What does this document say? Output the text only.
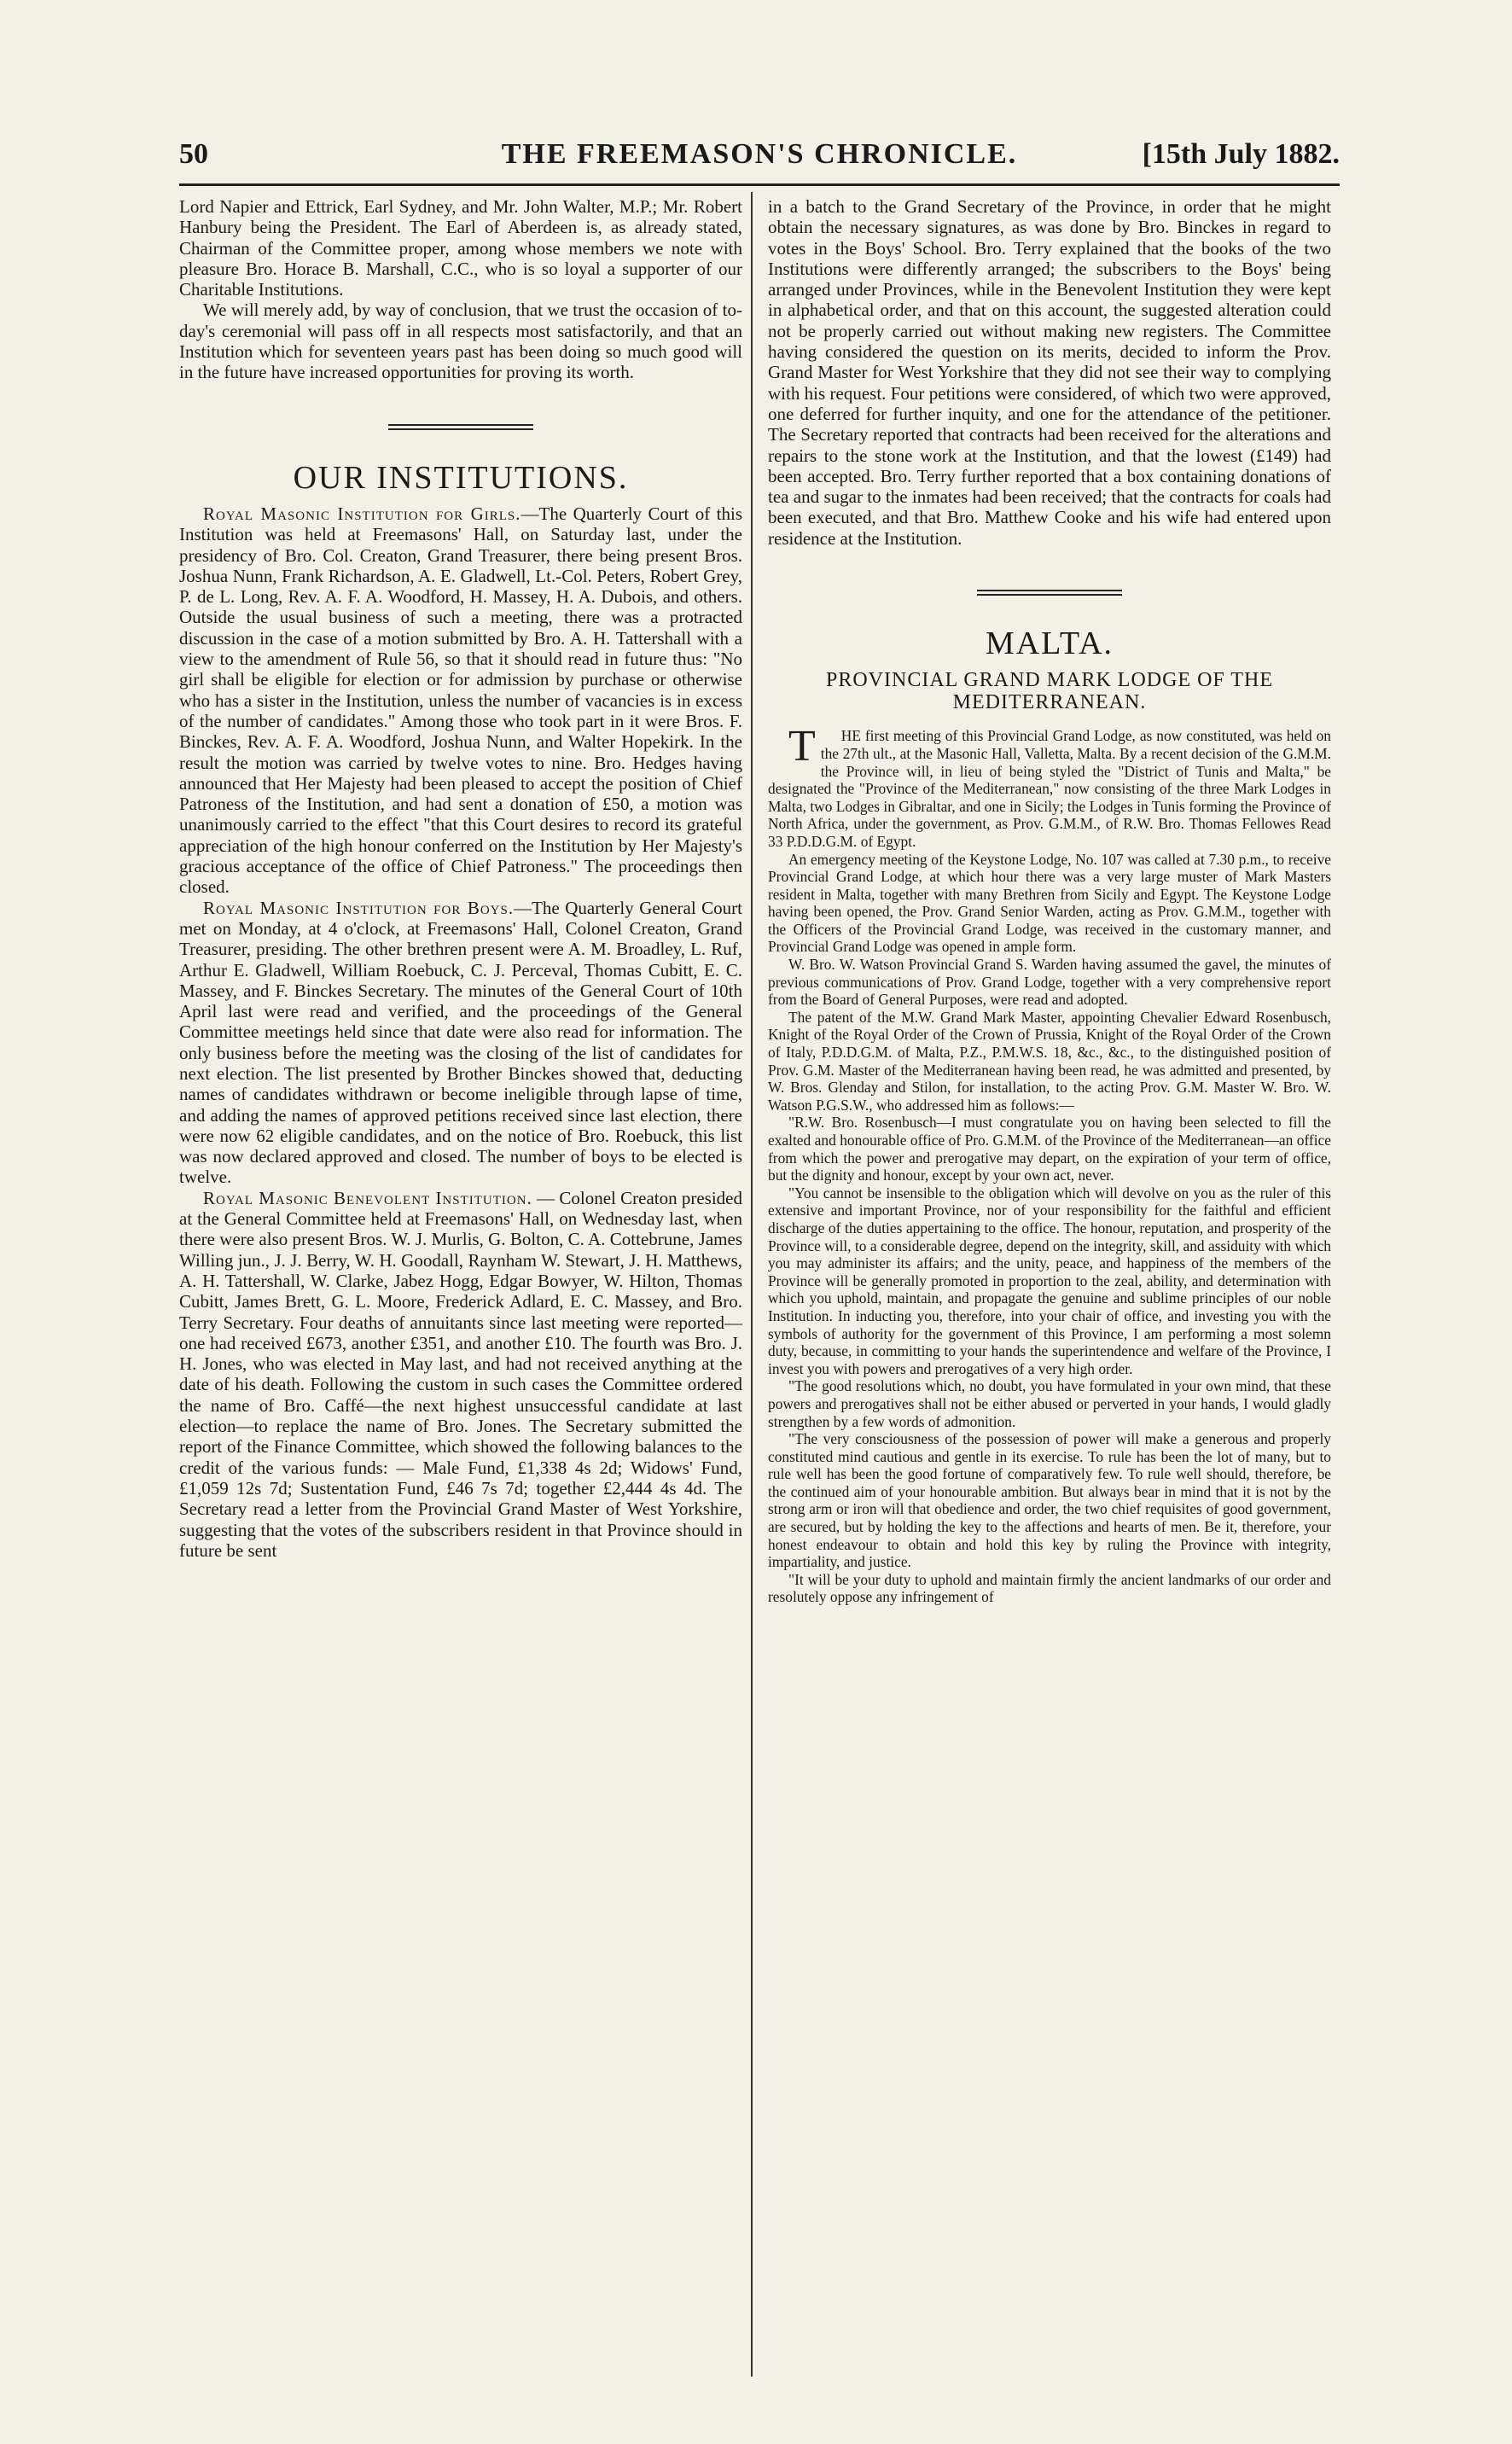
50	THE FREEMASON'S CHRONICLE.	[15th July 1882.

Lord Napier and Ettrick, Earl Sydney, and Mr. John Walter, M.P.; Mr. Robert Hanbury being the President. The Earl of Aberdeen is, as already stated, Chairman of the Committee proper, among whose members we note with pleasure Bro. Horace B. Marshall, C.C., who is so loyal a supporter of our Charitable Institutions.

We will merely add, by way of conclusion, that we trust the occasion of to-day's ceremonial will pass off in all respects most satisfactorily, and that an Institution which for seventeen years past has been doing so much good will in the future have increased opportunities for proving its worth.

OUR INSTITUTIONS.

Royal Masonic Institution for Girls.—The Quarterly Court of this Institution was held at Freemasons' Hall, on Saturday last, under the presidency of Bro. Col. Creaton, Grand Treasurer, there being present Bros. Joshua Nunn, Frank Richardson, A. E. Gladwell, Lt.-Col. Peters, Robert Grey, P. de L. Long, Rev. A. F. A. Woodford, H. Massey, H. A. Dubois, and others. Outside the usual business of such a meeting, there was a protracted discussion in the case of a motion submitted by Bro. A. H. Tattershall with a view to the amendment of Rule 56, so that it should read in future thus: "No girl shall be eligible for election or for admission by purchase or otherwise who has a sister in the Institution, unless the number of vacancies is in excess of the number of candidates." Among those who took part in it were Bros. F. Binckes, Rev. A. F. A. Woodford, Joshua Nunn, and Walter Hopekirk. In the result the motion was carried by twelve votes to nine. Bro. Hedges having announced that Her Majesty had been pleased to accept the position of Chief Patroness of the Institution, and had sent a donation of £50, a motion was unanimously carried to the effect "that this Court desires to record its grateful appreciation of the high honour conferred on the Institution by Her Majesty's gracious acceptance of the office of Chief Patroness." The proceedings then closed.

Royal Masonic Institution for Boys.—The Quarterly General Court met on Monday, at 4 o'clock, at Freemasons' Hall, Colonel Creaton, Grand Treasurer, presiding. The other brethren present were A. M. Broadley, L. Ruf, Arthur E. Gladwell, William Roebuck, C. J. Perceval, Thomas Cubitt, E. C. Massey, and F. Binckes Secretary. The minutes of the General Court of 10th April last were read and verified, and the proceedings of the General Committee meetings held since that date were also read for information. The only business before the meeting was the closing of the list of candidates for next election. The list presented by Brother Binckes showed that, deducting names of candidates withdrawn or become ineligible through lapse of time, and adding the names of approved petitions received since last election, there were now 62 eligible candidates, and on the notice of Bro. Roebuck, this list was now declared approved and closed. The number of boys to be elected is twelve.

Royal Masonic Benevolent Institution. — Colonel Creaton presided at the General Committee held at Freemasons' Hall, on Wednesday last, when there were also present Bros. W. J. Murlis, G. Bolton, C. A. Cottebrune, James Willing jun., J. J. Berry, W. H. Goodall, Raynham W. Stewart, J. H. Matthews, A. H. Tattershall, W. Clarke, Jabez Hogg, Edgar Bowyer, W. Hilton, Thomas Cubitt, James Brett, G. L. Moore, Frederick Adlard, E. C. Massey, and Bro. Terry Secretary. Four deaths of annuitants since last meeting were reported—one had received £673, another £351, and another £10. The fourth was Bro. J. H. Jones, who was elected in May last, and had not received anything at the date of his death. Following the custom in such cases the Committee ordered the name of Bro. Caffé—the next highest unsuccessful candidate at last election—to replace the name of Bro. Jones. The Secretary submitted the report of the Finance Committee, which showed the following balances to the credit of the various funds: — Male Fund, £1,338 4s 2d; Widows' Fund, £1,059 12s 7d; Sustentation Fund, £46 7s 7d; together £2,444 4s 4d. The Secretary read a letter from the Provincial Grand Master of West Yorkshire, suggesting that the votes of the subscribers resident in that Province should in future be sent

in a batch to the Grand Secretary of the Province, in order that he might obtain the necessary signatures, as was done by Bro. Binckes in regard to votes in the Boys' School. Bro. Terry explained that the books of the two Institutions were differently arranged; the subscribers to the Boys' being arranged under Provinces, while in the Benevolent Institution they were kept in alphabetical order, and that on this account, the suggested alteration could not be properly carried out without making new registers. The Committee having considered the question on its merits, decided to inform the Prov. Grand Master for West Yorkshire that they did not see their way to complying with his request. Four petitions were considered, of which two were approved, one deferred for further inquity, and one for the attendance of the petitioner. The Secretary reported that contracts had been received for the alterations and repairs to the stone work at the Institution, and that the lowest (£149) had been accepted. Bro. Terry further reported that a box containing donations of tea and sugar to the inmates had been received; that the contracts for coals had been executed, and that Bro. Matthew Cooke and his wife had entered upon residence at the Institution.

MALTA.
PROVINCIAL GRAND MARK LODGE OF THE MEDITERRANEAN.

T	HE first meeting of this Provincial Grand Lodge, as now constituted, was held on the 27th ult., at the Masonic Hall, Valletta, Malta. By a recent decision of the G.M.M. the Province will, in lieu of being styled the "District of Tunis and Malta," be designated the "Province of the Mediterranean," now consisting of the three Mark Lodges in Malta, two Lodges in Gibraltar, and one in Sicily; the Lodges in Tunis forming the Province of North Africa, under the government, as Prov. G.M.M., of R.W. Bro. Thomas Fellowes Read 33 P.D.D.G.M. of Egypt.

An emergency meeting of the Keystone Lodge, No. 107 was called at 7.30 p.m., to receive Provincial Grand Lodge, at which hour there was a very large muster of Mark Masters resident in Malta, together with many Brethren from Sicily and Egypt. The Keystone Lodge having been opened, the Prov. Grand Senior Warden, acting as Prov. G.M.M., together with the Officers of the Provincial Grand Lodge, was received in the customary manner, and Provincial Grand Lodge was opened in ample form.

W. Bro. W. Watson Provincial Grand S. Warden having assumed the gavel, the minutes of previous communications of Prov. Grand Lodge, together with a very comprehensive report from the Board of General Purposes, were read and adopted.

The patent of the M.W. Grand Mark Master, appointing Chevalier Edward Rosenbusch, Knight of the Royal Order of the Crown of Prussia, Knight of the Royal Order of the Crown of Italy, P.D.D.G.M. of Malta, P.Z., P.M.W.S. 18, &c., &c., to the distinguished position of Prov. G.M. Master of the Mediterranean having been read, he was admitted and presented, by W. Bros. Glenday and Stilon, for installation, to the acting Prov. G.M. Master W. Bro. W. Watson P.G.S.W., who addressed him as follows:—

"R.W. Bro. Rosenbusch—I must congratulate you on having been selected to fill the exalted and honourable office of Pro. G.M.M. of the Province of the Mediterranean—an office from which the power and prerogative may depart, on the expiration of your term of office, but the dignity and honour, except by your own act, never.

"You cannot be insensible to the obligation which will devolve on you as the ruler of this extensive and important Province, nor of your responsibility for the faithful and efficient discharge of the duties appertaining to the office. The honour, reputation, and prosperity of the Province will, to a considerable degree, depend on the integrity, skill, and assiduity with which you may administer its affairs; and the unity, peace, and happiness of the members of the Province will be generally promoted in proportion to the zeal, ability, and determination with which you uphold, maintain, and propagate the genuine and sublime principles of our noble Institution. In inducting you, therefore, into your chair of office, and investing you with the symbols of authority for the government of this Province, I am performing a most solemn duty, because, in committing to your hands the superintendence and welfare of the Province, I invest you with powers and prerogatives of a very high order.

"The good resolutions which, no doubt, you have formulated in your own mind, that these powers and prerogatives shall not be either abused or perverted in your hands, I would gladly strengthen by a few words of admonition.

"The very consciousness of the possession of power will make a generous and properly constituted mind cautious and gentle in its exercise. To rule has been the lot of many, but to rule well has been the good fortune of comparatively few. To rule well should, therefore, be the continued aim of your honourable ambition. But always bear in mind that it is not by the strong arm or iron will that obedience and order, the two chief requisites of good government, are secured, but by holding the key to the affections and hearts of men. Be it, therefore, your honest endeavour to obtain and hold this key by ruling the Province with integrity, impartiality, and justice.

"It will be your duty to uphold and maintain firmly the ancient landmarks of our order and resolutely oppose any infringement of
